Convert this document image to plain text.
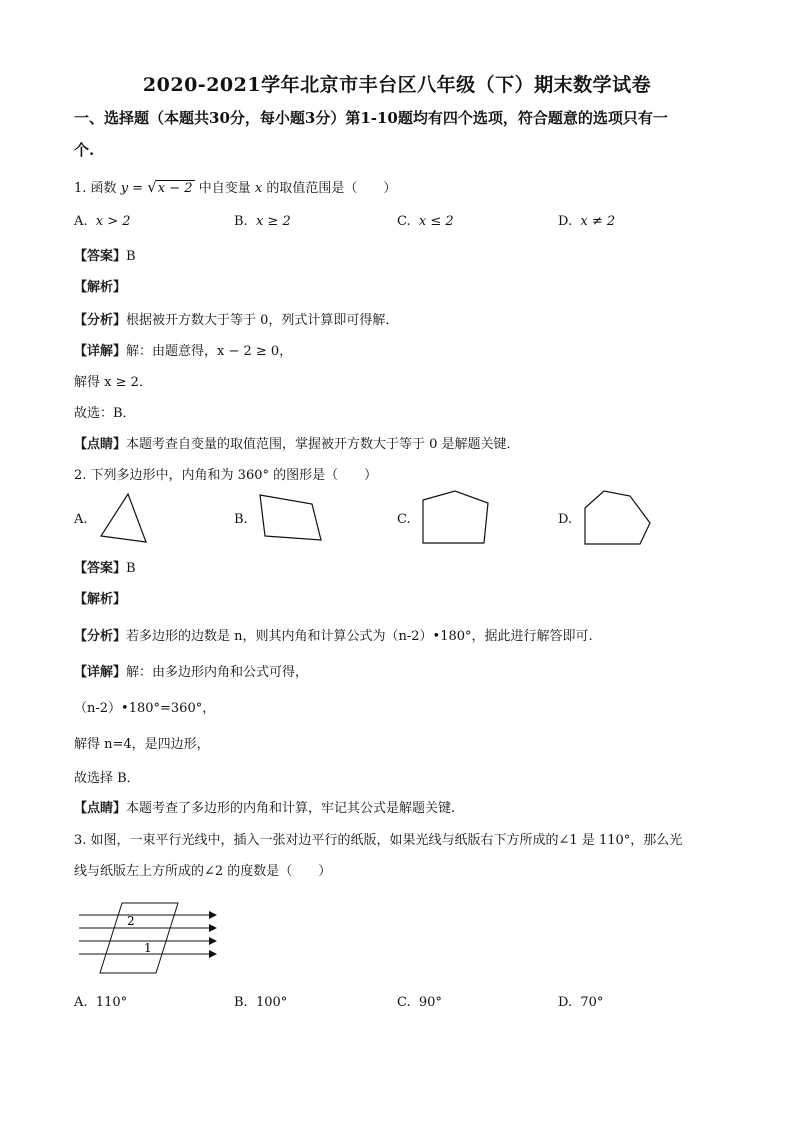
2020-2021学年北京市丰台区八年级（下）期末数学试卷
一、选择题（本题共30分，每小题3分）第1-10题均有四个选项，符合题意的选项只有一
个.
1. 函数 y = √x − 2 中自变量 x 的取值范围是（　　）
A. x > 2	B. x ≥ 2	C. x ≤ 2	D. x ≠ 2
【答案】B
【解析】
【分析】根据被开方数大于等于 0，列式计算即可得解．
【详解】解：由题意得，x − 2 ≥ 0，
解得 x ≥ 2．
故选：B．
【点睛】本题考查自变量的取值范围，掌握被开方数大于等于 0 是解题关键．
2. 下列多边形中，内角和为 360° 的图形是（　　）
A.	B.	C.	D.
【答案】B
【解析】
【分析】若多边形的边数是 n，则其内角和计算公式为（n-2）•180°，据此进行解答即可.
【详解】解：由多边形内角和公式可得，
（n-2）•180°=360°，
解得 n=4，是四边形，
故选择 B．
【点睛】本题考查了多边形的内角和计算，牢记其公式是解题关键.
3. 如图，一束平行光线中，插入一张对边平行的纸版，如果光线与纸版右下方所成的∠1 是 110°，那么光
线与纸版左上方所成的∠2 的度数是（　　）
2
1
A. 110°	B. 100°	C. 90°	D. 70°
